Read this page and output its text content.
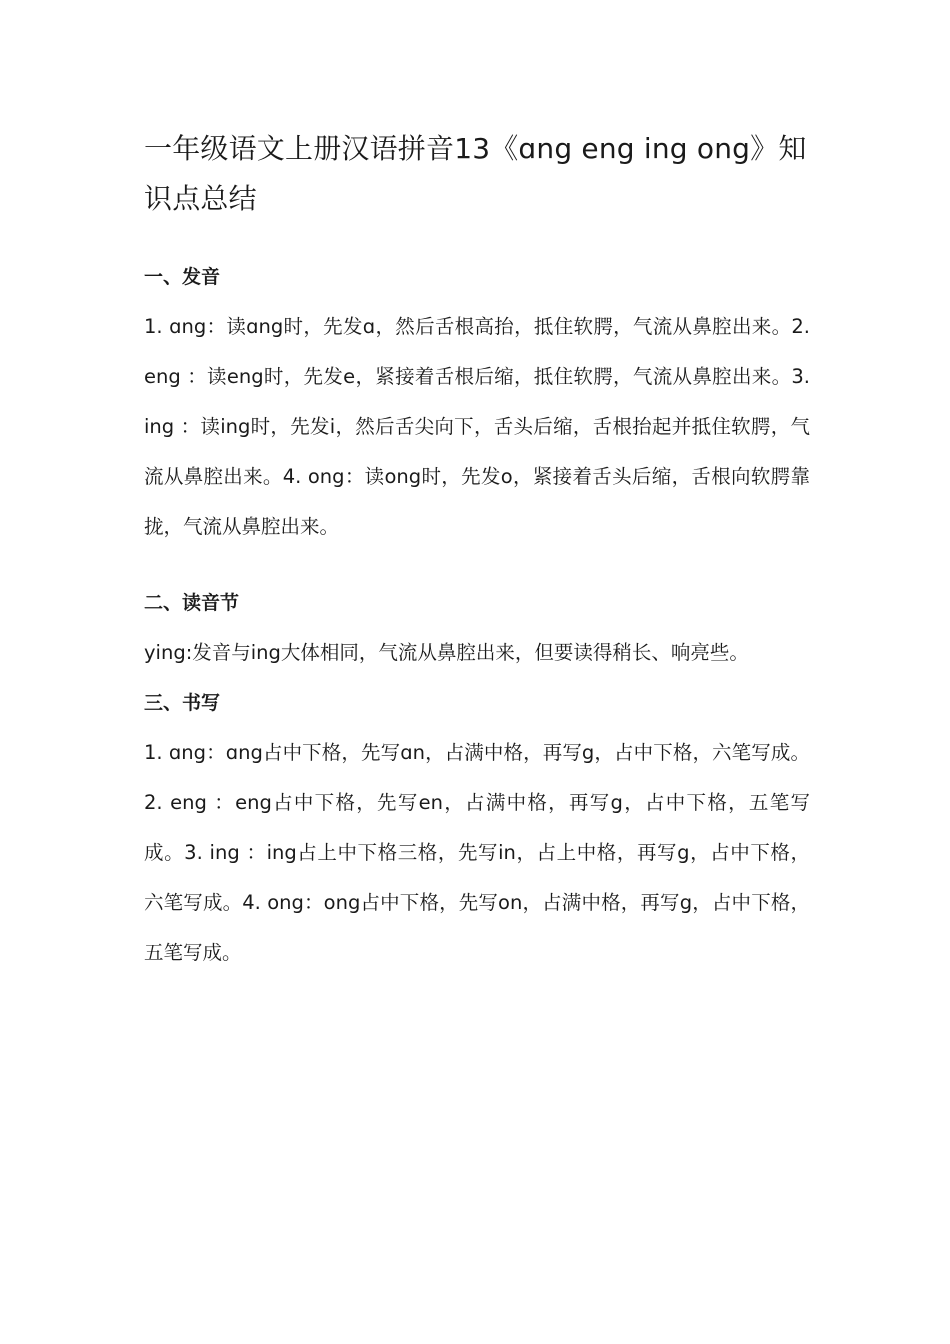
一年级语文上册汉语拼音13《ɑng eng ing ong》知识点总结
一、发音

1. ɑng：读ɑng时，先发ɑ，然后舌根高抬，抵住软腭，气流从鼻腔出来。2. eng ：读eng时，先发e，紧接着舌根后缩，抵住软腭，气流从鼻腔出来。3. ing ：读ing时，先发i，然后舌尖向下，舌头后缩，舌根抬起并抵住软腭，气流从鼻腔出来。4. ong：读ong时，先发o，紧接着舌头后缩，舌根向软腭靠拢，气流从鼻腔出来。

二、读音节

ying:发音与ing大体相同，气流从鼻腔出来，但要读得稍长、响亮些。

三、书写

1. ɑng：ɑng占中下格，先写ɑn，占满中格，再写g，占中下格，六笔写成。2. eng ：eng占中下格，先写en，占满中格，再写g，占中下格，五笔写成。3. ing ：ing占上中下格三格，先写in，占上中格，再写g，占中下格，六笔写成。4. ong：ong占中下格，先写on，占满中格，再写g，占中下格，五笔写成。
